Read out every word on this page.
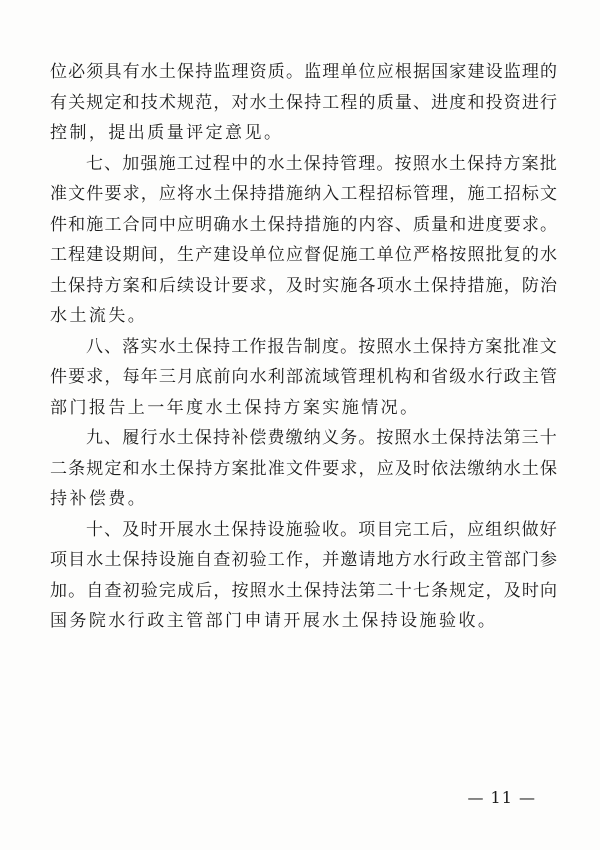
位必须具有水土保持监理资质。监理单位应根据国家建设监理的
有关规定和技术规范，对水土保持工程的质量、进度和投资进行
控制，提出质量评定意见。
七、加强施工过程中的水土保持管理。按照水土保持方案批
准文件要求，应将水土保持措施纳入工程招标管理，施工招标文
件和施工合同中应明确水土保持措施的内容、质量和进度要求。
工程建设期间，生产建设单位应督促施工单位严格按照批复的水
土保持方案和后续设计要求，及时实施各项水土保持措施，防治
水土流失。
八、落实水土保持工作报告制度。按照水土保持方案批准文
件要求，每年三月底前向水利部流域管理机构和省级水行政主管
部门报告上一年度水土保持方案实施情况。
九、履行水土保持补偿费缴纳义务。按照水土保持法第三十
二条规定和水土保持方案批准文件要求，应及时依法缴纳水土保
持补偿费。
十、及时开展水土保持设施验收。项目完工后，应组织做好
项目水土保持设施自查初验工作，并邀请地方水行政主管部门参
加。自查初验完成后，按照水土保持法第二十七条规定，及时向
国务院水行政主管部门申请开展水土保持设施验收。
— 11 —
